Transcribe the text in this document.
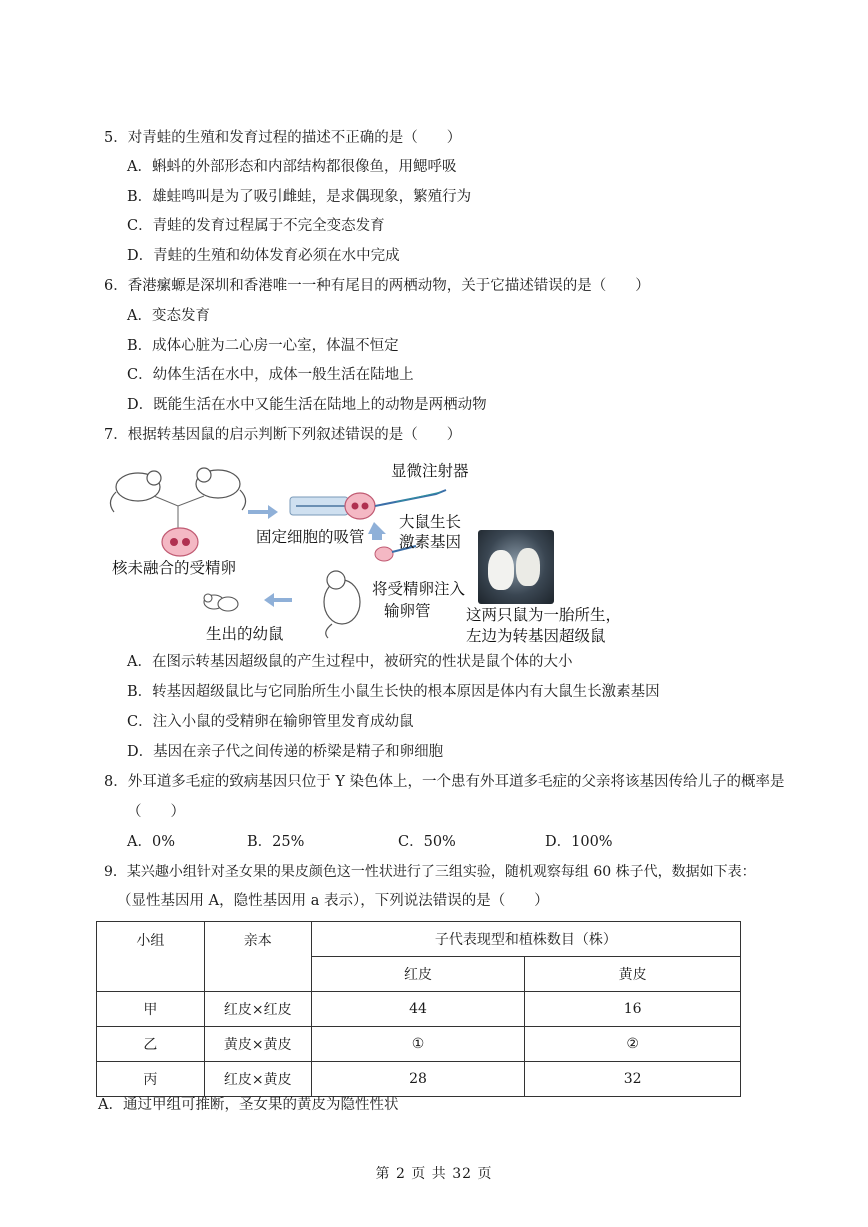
5．对青蛙的生殖和发育过程的描述不正确的是（　　）
A．蝌蚪的外部形态和内部结构都很像鱼，用鳃呼吸
B．雄蛙鸣叫是为了吸引雌蛙，是求偶现象，繁殖行为
C．青蛙的发育过程属于不完全变态发育
D．青蛙的生殖和幼体发育必须在水中完成
6．香港瘰螈是深圳和香港唯一一种有尾目的两栖动物，关于它描述错误的是（　　）
A．变态发育
B．成体心脏为二心房一心室，体温不恒定
C．幼体生活在水中，成体一般生活在陆地上
D．既能生活在水中又能生活在陆地上的动物是两栖动物
7．根据转基因鼠的启示判断下列叙述错误的是（　　）
显微注射器
固定细胞的吸管
大鼠生长
激素基因
核未融合的受精卵
将受精卵注入
输卵管
生出的幼鼠
这两只鼠为一胎所生，
左边为转基因超级鼠
A．在图示转基因超级鼠的产生过程中，被研究的性状是鼠个体的大小
B．转基因超级鼠比与它同胎所生小鼠生长快的根本原因是体内有大鼠生长激素基因
C．注入小鼠的受精卵在输卵管里发育成幼鼠
D．基因在亲子代之间传递的桥梁是精子和卵细胞
8．外耳道多毛症的致病基因只位于 Y 染色体上，一个患有外耳道多毛症的父亲将该基因传给儿子的概率是
（　　）
A．0%	B．25%	C．50%	D．100%
9．某兴趣小组针对圣女果的果皮颜色这一性状进行了三组实验，随机观察每组 60 株子代，数据如下表：
（显性基因用 A，隐性基因用 a 表示），下列说法错误的是（　　）
小组	亲本	子代表现型和植株数目（株）	
		红皮	黄皮
甲	红皮×红皮	44	16
乙	黄皮×黄皮	①	②
丙	红皮×黄皮	28	32
A．通过甲组可推断，圣女果的黄皮为隐性性状
第 2 页 共 32 页
